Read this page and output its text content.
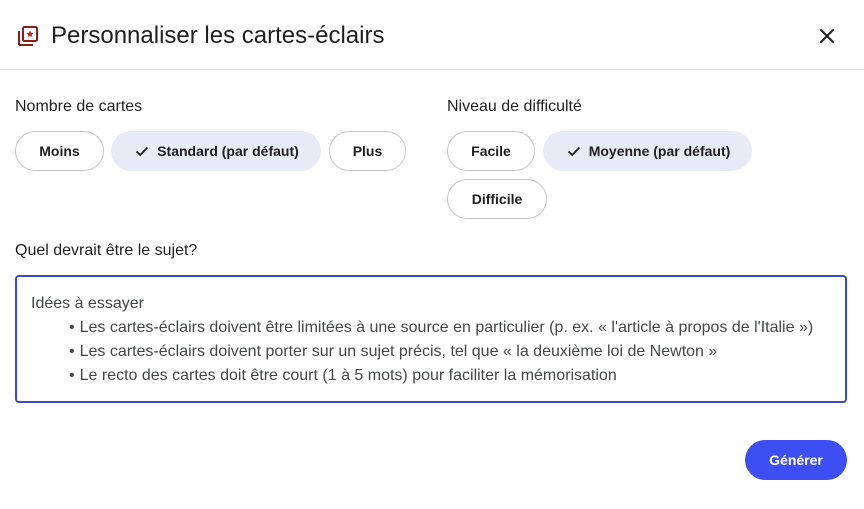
Personnaliser les cartes-éclairs
Nombre de cartes
Moins	Standard (par défaut)	Plus
Niveau de difficulté
Facile	Moyenne (par défaut)
Difficile
Quel devrait être le sujet?
Idées à essayer
• Les cartes-éclairs doivent être limitées à une source en particulier (p. ex. « l'article à propos de l'Italie »)
• Les cartes-éclairs doivent porter sur un sujet précis, tel que « la deuxième loi de Newton »
• Le recto des cartes doit être court (1 à 5 mots) pour faciliter la mémorisation
Générer
